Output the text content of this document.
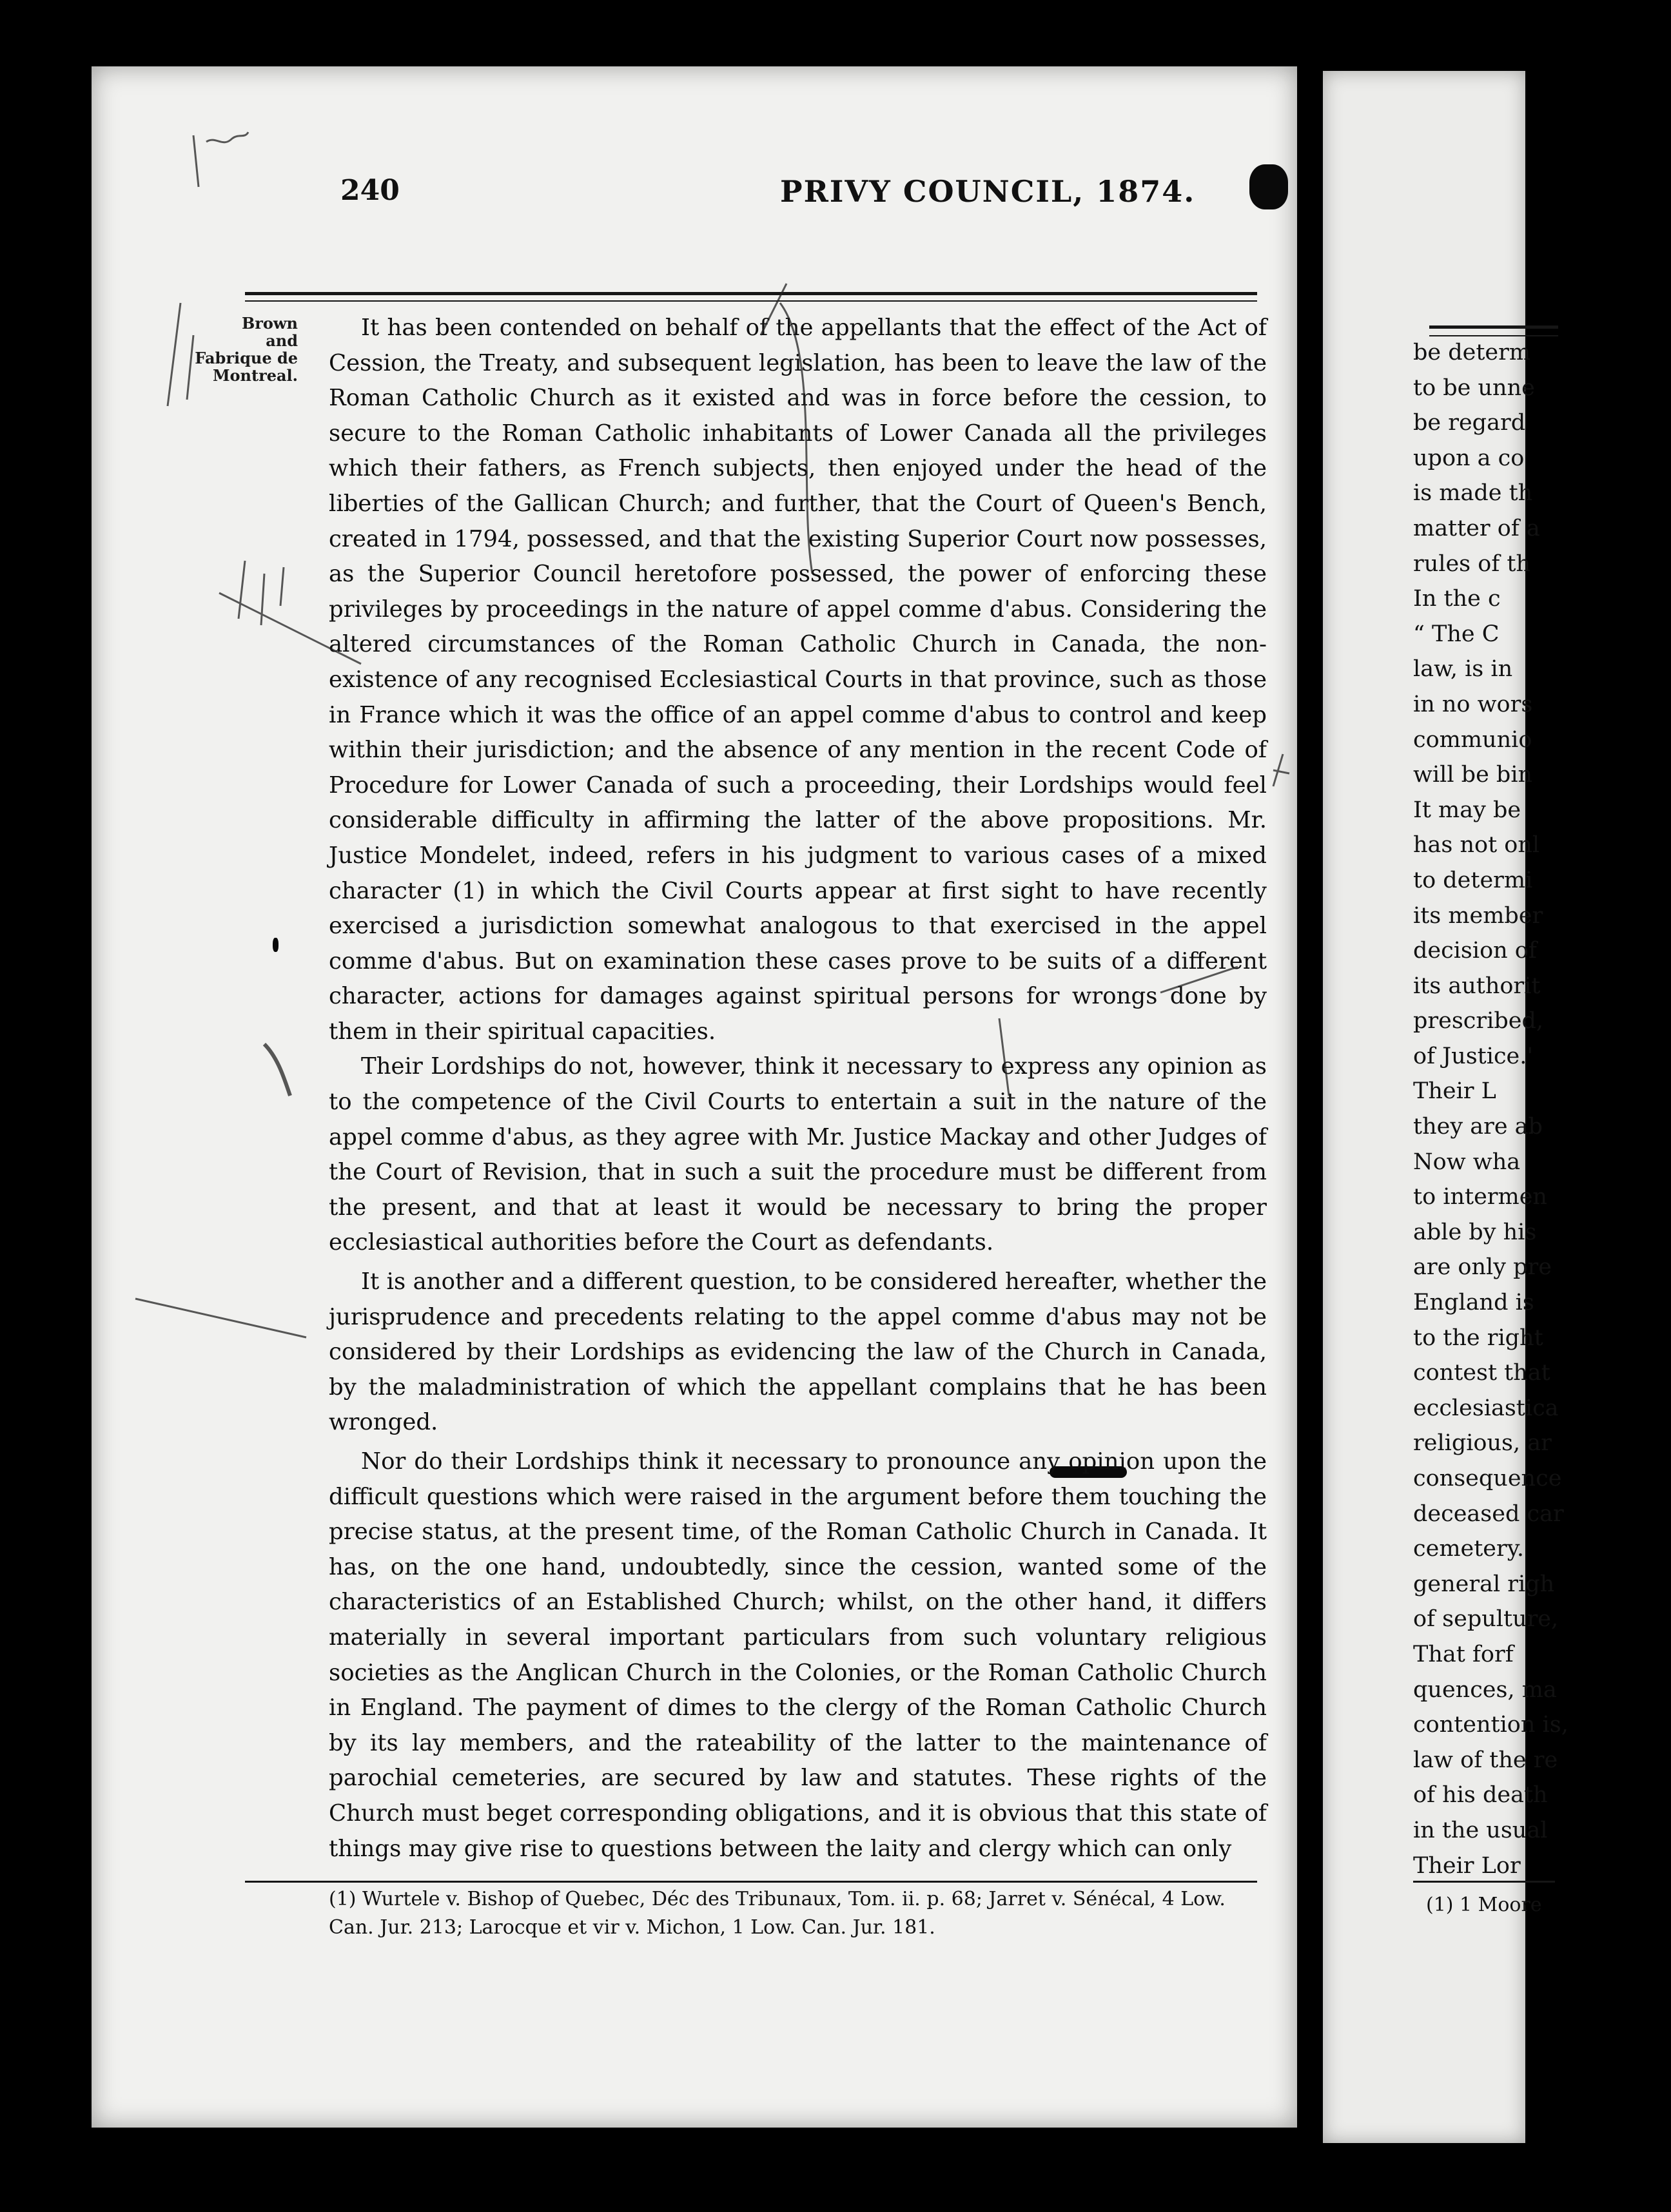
240	PRIVY COUNCIL, 1874.
Brown
and
Fabrique de
Montreal.

It has been contended on behalf of the appellants that the effect of the Act of Cession, the Treaty, and subsequent legislation, has been to leave the law of the Roman Catholic Church as it existed and was in force before the cession, to secure to the Roman Catholic inhabitants of Lower Canada all the privileges which their fathers, as French subjects, then enjoyed under the head of the liberties of the Gallican Church; and further, that the Court of Queen's Bench, created in 1794, possessed, and that the existing Superior Court now possesses, as the Superior Council heretofore possessed, the power of enforcing these privileges by proceedings in the nature of appel comme d'abus. Considering the altered circumstances of the Roman Catholic Church in Canada, the non-existence of any recognised Ecclesiastical Courts in that province, such as those in France which it was the office of an appel comme d'abus to control and keep within their jurisdiction; and the absence of any mention in the recent Code of Procedure for Lower Canada of such a proceeding, their Lordships would feel considerable difficulty in affirming the latter of the above propositions. Mr. Justice Mondelet, indeed, refers in his judgment to various cases of a mixed character (1) in which the Civil Courts appear at first sight to have recently exercised a jurisdiction somewhat analogous to that exercised in the appel comme d'abus. But on examination these cases prove to be suits of a different character, actions for damages against spiritual persons for wrongs done by them in their spiritual capacities.

Their Lordships do not, however, think it necessary to express any opinion as to the competence of the Civil Courts to entertain a suit in the nature of the appel comme d'abus, as they agree with Mr. Justice Mackay and other Judges of the Court of Revision, that in such a suit the procedure must be different from the present, and that at least it would be necessary to bring the proper ecclesiastical authorities before the Court as defendants.

It is another and a different question, to be considered hereafter, whether the jurisprudence and precedents relating to the appel comme d'abus may not be considered by their Lordships as evidencing the law of the Church in Canada, by the maladministration of which the appellant complains that he has been wronged.

Nor do their Lordships think it necessary to pronounce any opinion upon the difficult questions which were raised in the argument before them touching the precise status, at the present time, of the Roman Catholic Church in Canada. It has, on the one hand, undoubtedly, since the cession, wanted some of the characteristics of an Established Church; whilst, on the other hand, it differs materially in several important particulars from such voluntary religious societies as the Anglican Church in the Colonies, or the Roman Catholic Church in England. The payment of dimes to the clergy of the Roman Catholic Church by its lay members, and the rateability of the latter to the maintenance of parochial cemeteries, are secured by law and statutes. These rights of the Church must beget corresponding obligations, and it is obvious that this state of things may give rise to questions between the laity and clergy which can only

(1) Wurtele v. Bishop of Quebec, Déc des Tribunaux, Tom. ii. p. 68; Jarret v. Sénécal, 4 Low. Can. Jur. 213; Larocque et vir v. Michon, 1 Low. Can. Jur. 181.
be determ
to be unne
be regard
upon a co
is made th
matter of a
rules of th
In the c
“ The C
law, is in
in no wors
communio
will be bin
It may be
has not onl
to determi
its member
decision of
its authorit
prescribed,
of Justice.'
Their L
they are ab
Now wha
to intermen
able by his
are only pre
England is
to the right
contest that
ecclesiastica
religious, ar
consequence
deceased car
cemetery.
general righ
of sepulture,
That forf
quences, ma
contention is,
law of the re
of his death
in the usual
Their Lor
(1) 1 Moore
